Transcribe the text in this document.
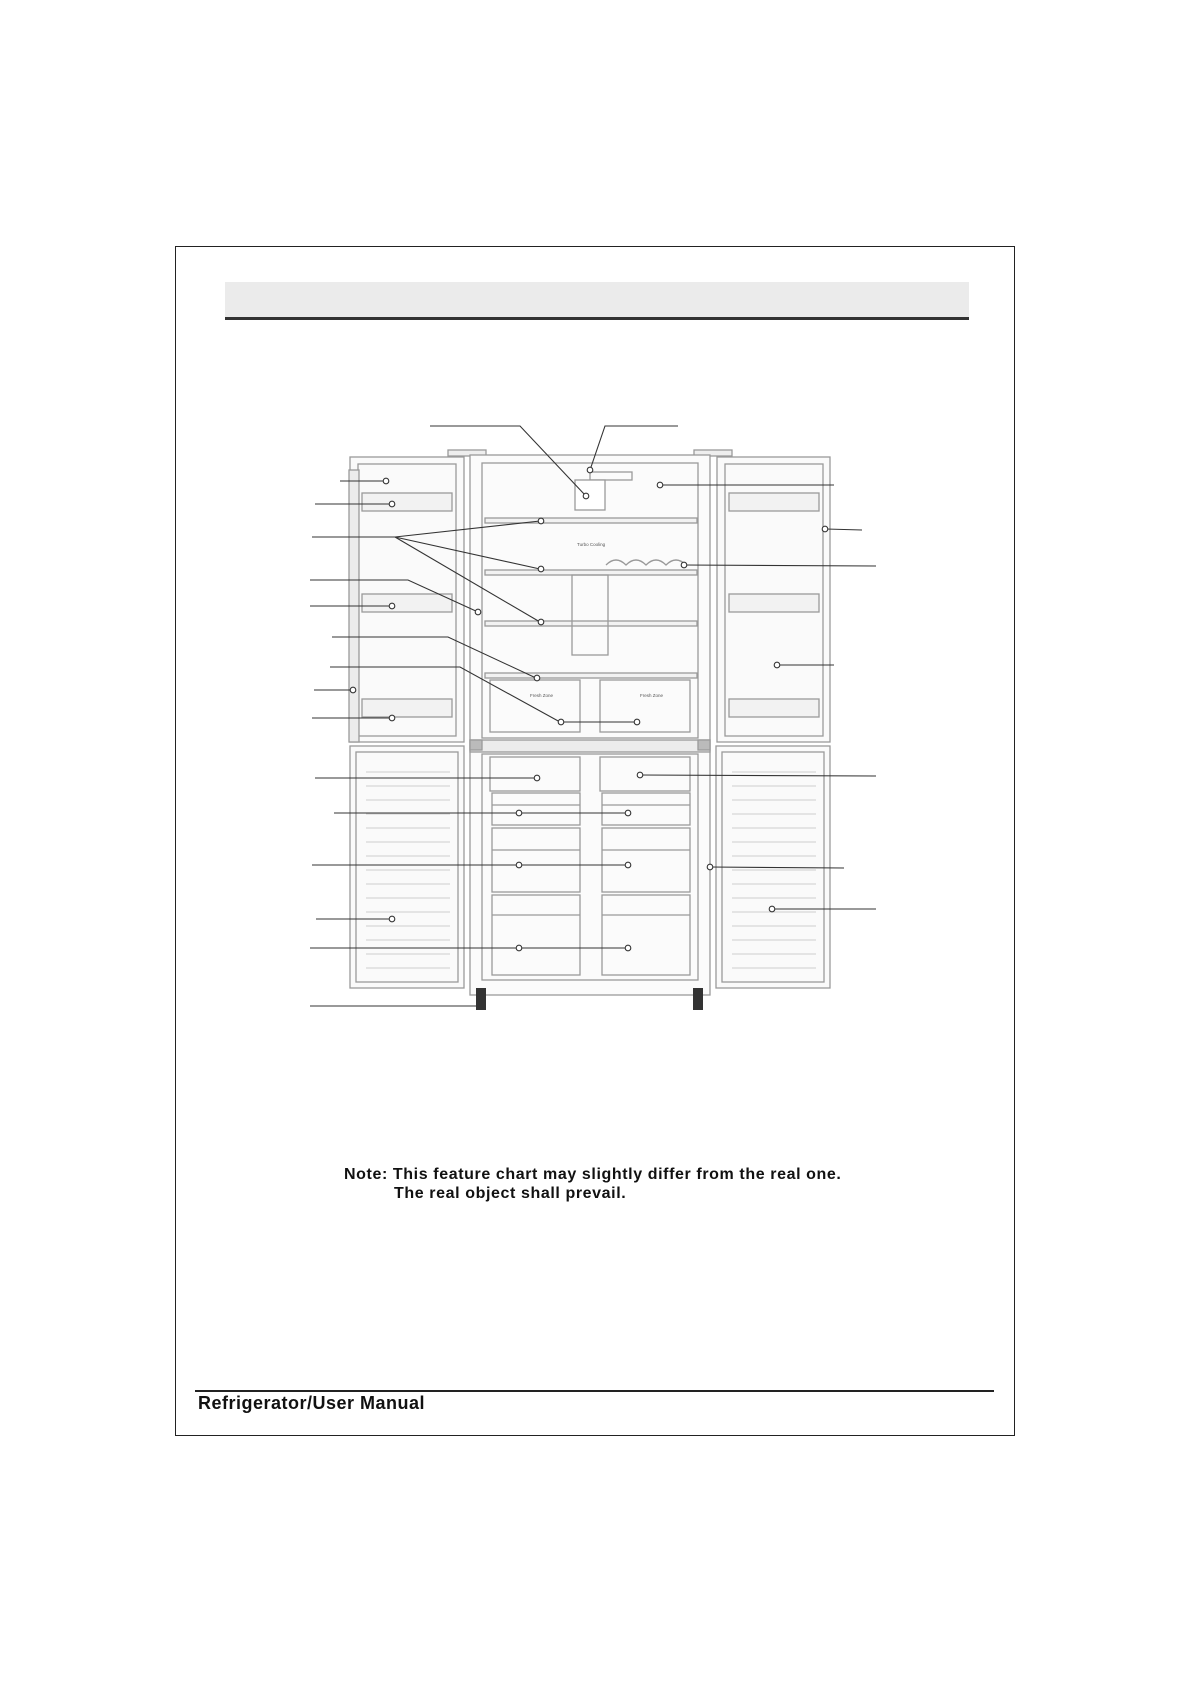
Turbo Cooling
Fresh Zone	Fresh Zone
Note: This feature chart may slightly differ from the real one.
The real object shall prevail.
Refrigerator/User Manual
